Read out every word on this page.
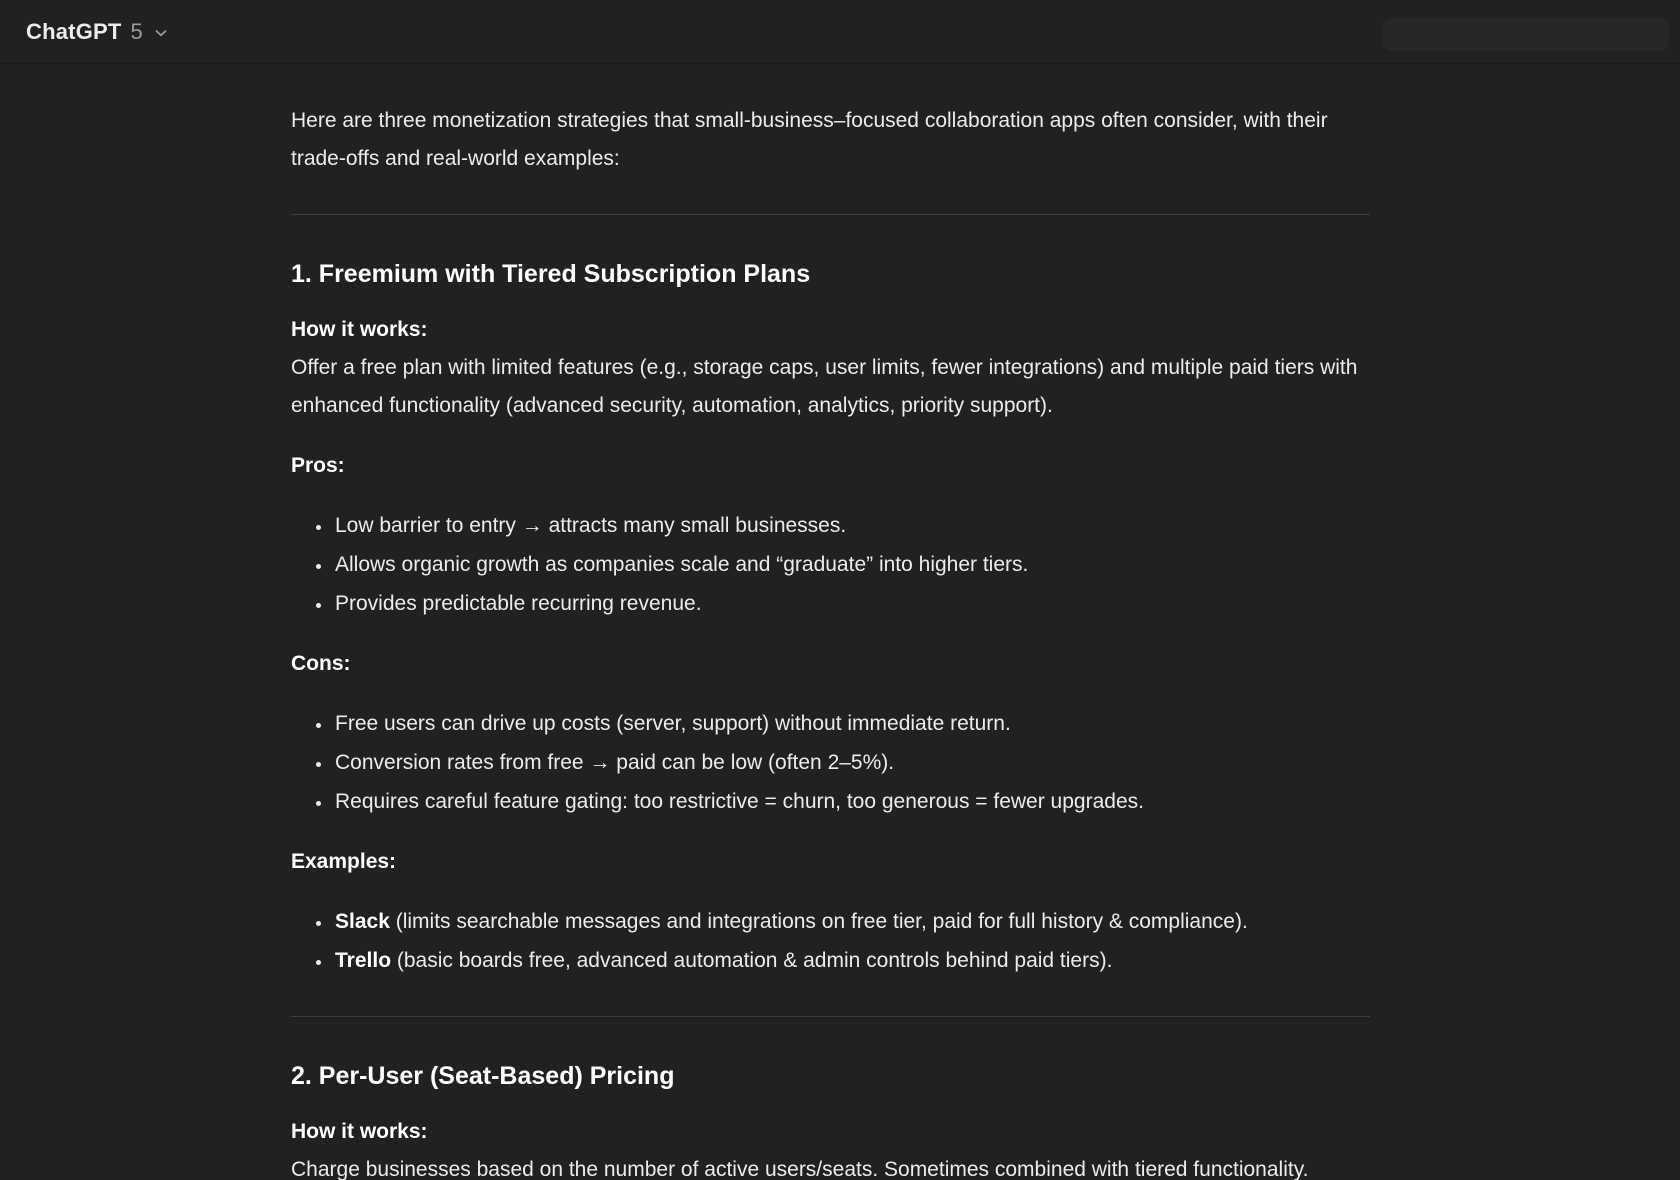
ChatGPT 5

Here are three monetization strategies that small-business–focused collaboration apps often consider, with their trade-offs and real-world examples:

1. Freemium with Tiered Subscription Plans

How it works:
Offer a free plan with limited features (e.g., storage caps, user limits, fewer integrations) and multiple paid tiers with enhanced functionality (advanced security, automation, analytics, priority support).

Pros:

• Low barrier to entry → attracts many small businesses.
• Allows organic growth as companies scale and “graduate” into higher tiers.
• Provides predictable recurring revenue.

Cons:

• Free users can drive up costs (server, support) without immediate return.
• Conversion rates from free → paid can be low (often 2–5%).
• Requires careful feature gating: too restrictive = churn, too generous = fewer upgrades.

Examples:

• Slack (limits searchable messages and integrations on free tier, paid for full history & compliance).
• Trello (basic boards free, advanced automation & admin controls behind paid tiers).
2. Per-User (Seat-Based) Pricing

How it works:
Charge businesses based on the number of active users/seats. Sometimes combined with tiered functionality.
